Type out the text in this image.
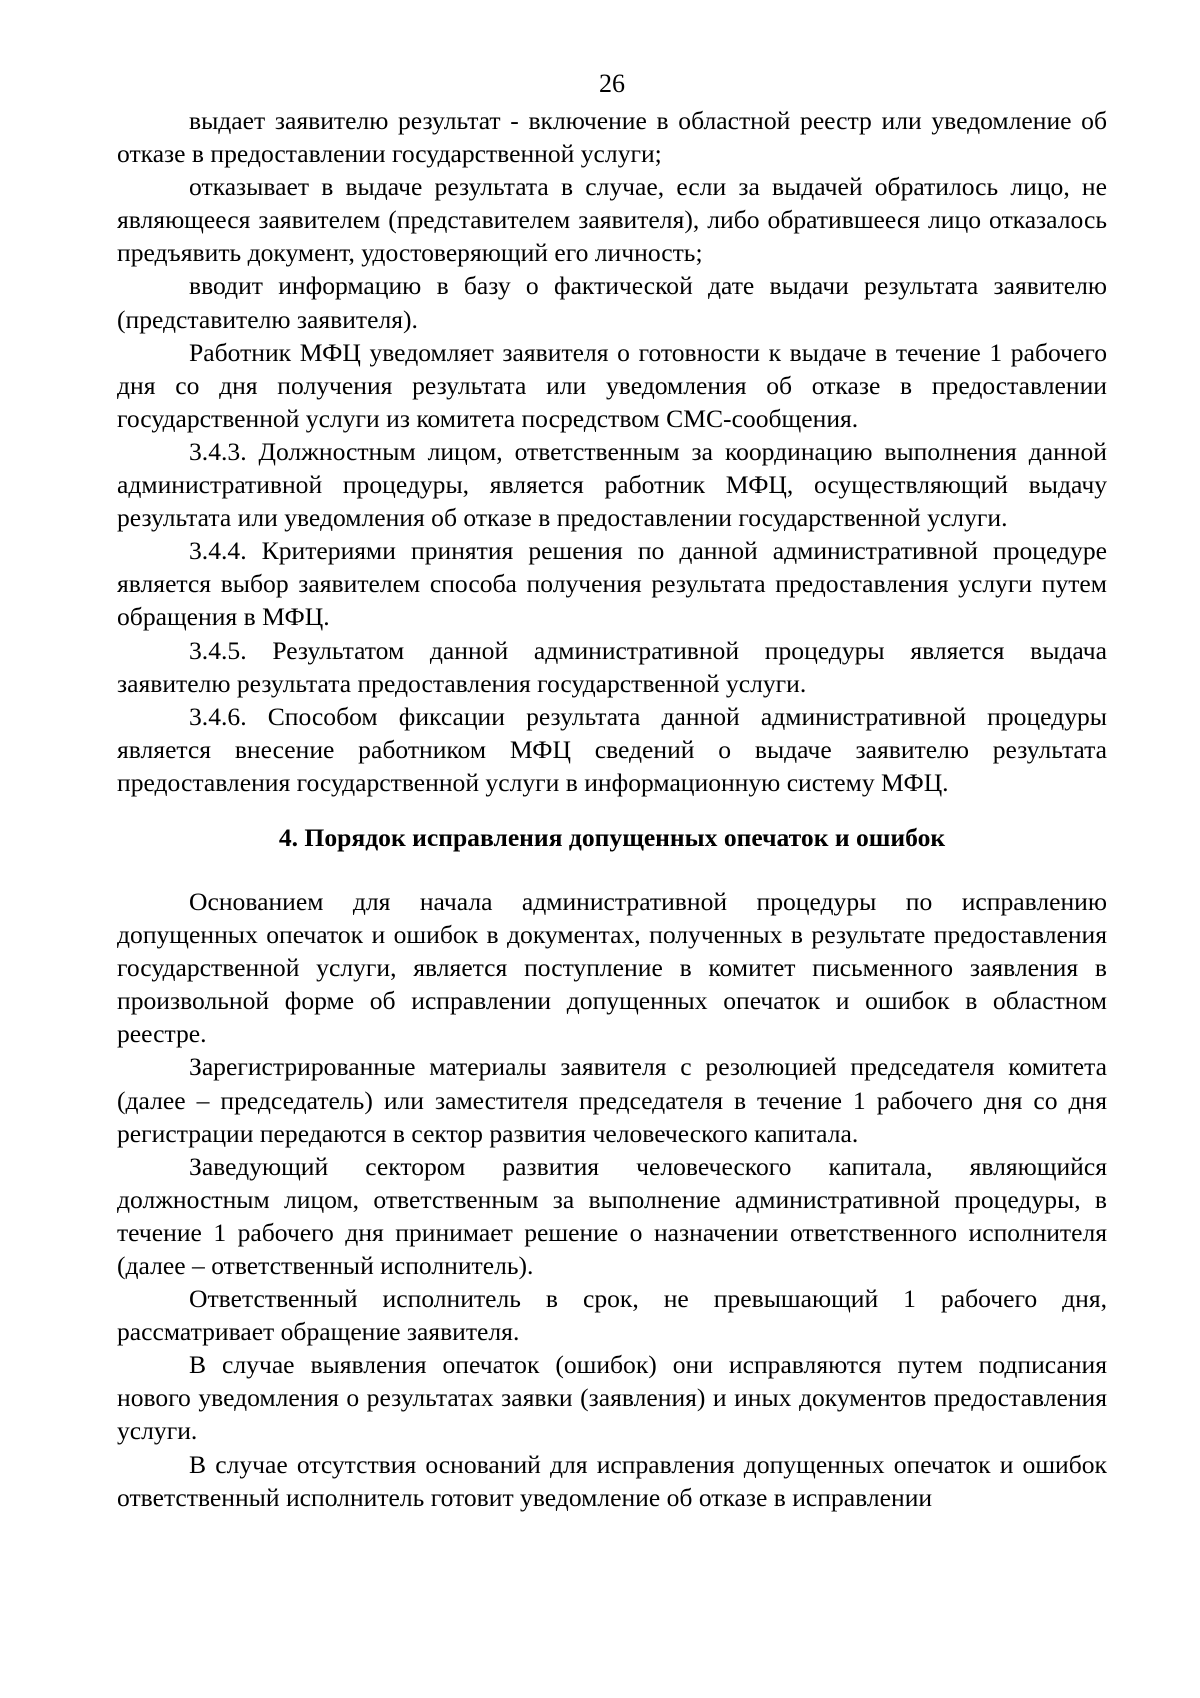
26

выдает заявителю результат - включение в областной реестр или уведомление об отказе в предоставлении государственной услуги;

отказывает в выдаче результата в случае, если за выдачей обратилось лицо, не являющееся заявителем (представителем заявителя), либо обратившееся лицо отказалось предъявить документ, удостоверяющий его личность;

вводит информацию в базу о фактической дате выдачи результата заявителю (представителю заявителя).

Работник МФЦ уведомляет заявителя о готовности к выдаче в течение 1 рабочего дня со дня получения результата или уведомления об отказе в предоставлении государственной услуги из комитета посредством СМС-сообщения.

3.4.3. Должностным лицом, ответственным за координацию выполнения данной административной процедуры, является работник МФЦ, осуществляющий выдачу результата или уведомления об отказе в предоставлении государственной услуги.

3.4.4. Критериями принятия решения по данной административной процедуре является выбор заявителем способа получения результата предоставления услуги путем обращения в МФЦ.

3.4.5. Результатом данной административной процедуры является выдача заявителю результата предоставления государственной услуги.

3.4.6. Способом фиксации результата данной административной процедуры является внесение работником МФЦ сведений о выдаче заявителю результата предоставления государственной услуги в информационную систему МФЦ.

4. Порядок исправления допущенных опечаток и ошибок

Основанием для начала административной процедуры по исправлению допущенных опечаток и ошибок в документах, полученных в результате предоставления государственной услуги, является поступление в комитет письменного заявления в произвольной форме об исправлении допущенных опечаток и ошибок в областном реестре.

Зарегистрированные материалы заявителя с резолюцией председателя комитета (далее – председатель) или заместителя председателя в течение 1 рабочего дня со дня регистрации передаются в сектор развития человеческого капитала.

Заведующий сектором развития человеческого капитала, являющийся должностным лицом, ответственным за выполнение административной процедуры, в течение 1 рабочего дня принимает решение о назначении ответственного исполнителя (далее – ответственный исполнитель).

Ответственный исполнитель в срок, не превышающий 1 рабочего дня, рассматривает обращение заявителя.

В случае выявления опечаток (ошибок) они исправляются путем подписания нового уведомления о результатах заявки (заявления) и иных документов предоставления услуги.

В случае отсутствия оснований для исправления допущенных опечаток и ошибок ответственный исполнитель готовит уведомление об отказе в исправлении
